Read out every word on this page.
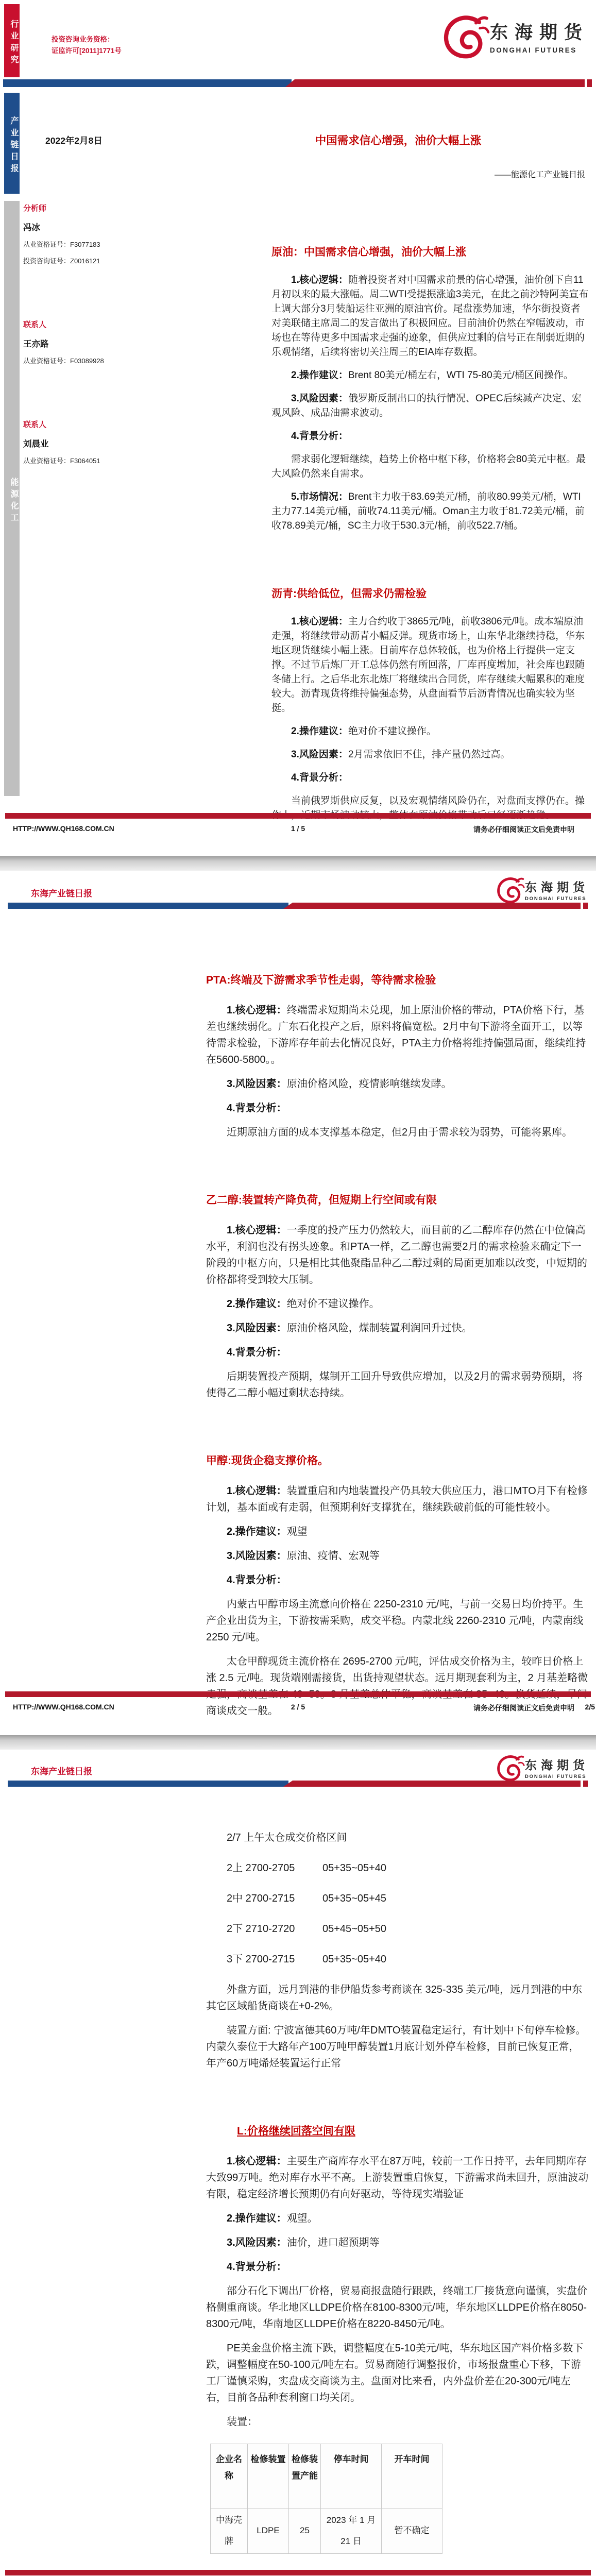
行业研究	投资咨询业务资格：
证监许可[2011]1771号
东海期货
DONGHAI FUTURES
产业链日报	2022年2月8日	中国需求信心增强，油价大幅上涨
——能源化工产业链日报
能源化工
分析师
冯冰
从业资格证号：F3077183
投资咨询证号：Z0016121
联系人
王亦路
从业资格证号：F03089928
联系人
刘晨业
从业资格证号：F3064051
原油：中国需求信心增强，油价大幅上涨

1.核心逻辑：随着投资者对中国需求前景的信心增强，油价创下自11月初以来的最大涨幅。周二WTI受提振涨逾3美元，在此之前沙特阿美宣布上调大部分3月装船运往亚洲的原油官价。尾盘涨势加速，华尔街投资者对美联储主席周二的发言做出了积极回应。目前油价仍然在窄幅波动，市场也在等待更多中国需求走强的迹象，但供应过剩的信号正在削弱近期的乐观情绪，后续将密切关注周三的EIA库存数据。

2.操作建议：Brent 80美元/桶左右，WTI 75-80美元/桶区间操作。

3.风险因素：俄罗斯反制出口的执行情况、OPEC后续减产决定、宏观风险、成品油需求波动。

4.背景分析：

需求弱化逻辑继续，趋势上价格中枢下移，价格将会80美元中枢。最大风险仍然来自需求。

5.市场情况：Brent主力收于83.69美元/桶，前收80.99美元/桶，WTI主力77.14美元/桶，前收74.11美元/桶。Oman主力收于81.72美元/桶，前收78.89美元/桶，SC主力收于530.3元/桶，前收522.7/桶。

沥青:供给低位，但需求仍需检验

1.核心逻辑：主力合约收于3865元/吨，前收3806元/吨。成本端原油走强，将继续带动沥青小幅反弹。现货市场上，山东华北继续持稳，华东地区现货继续小幅上涨。目前库存总体较低，也为价格上行提供一定支撑。不过节后炼厂开工总体仍然有所回落，厂库再度增加，社会库也跟随冬储上行。之后华北东北炼厂将继续出合同货，库存继续大幅累积的难度较大。沥青现货将维持偏强态势，从盘面看节后沥青情况也确实较为坚挺。

2.操作建议：绝对价不建议操作。

3.风险因素：2月需求依旧不佳，排产量仍然过高。

4.背景分析：

当前俄罗斯供应反复，以及宏观情绪风险仍在，对盘面支撑仍在。操

HTTP://WWW.QH168.COM.CN	1 / 5	请务必仔细阅读正文后免责申明
东海产业链日报	东海期货
DONGHAI FUTURES
PTA:终端及下游需求季节性走弱，等待需求检验

1.核心逻辑：终端需求短期尚未兑现，加上原油价格的带动，PTA价格下行，基差也继续弱化。广东石化投产之后，原料将偏宽松。2月中旬下游将全面开工，以等待需求检验，下游库存年前去化情况良好，PTA主力价格将维持偏强局面，继续维持在5600-5800。。

3.风险因素：原油价格风险，疫情影响继续发酵。

4.背景分析：

近期原油方面的成本支撑基本稳定，但2月由于需求较为弱势，可能将累库。

乙二醇:装置转产降负荷，但短期上行空间或有限

1.核心逻辑：一季度的投产压力仍然较大，而目前的乙二醇库存仍然在中位偏高水平，利润也没有拐头迹象。和PTA一样，乙二醇也需要2月的需求检验来确定下一阶段的中枢方向，只是相比其他聚酯品种乙二醇过剩的局面更加难以改变，中短期的价格都将受到较大压制。

2.操作建议：绝对价不建议操作。

3.风险因素：原油价格风险，煤制装置利润回升过快。

4.背景分析：

后期装置投产预期，煤制开工回升导致供应增加，以及2月的需求弱势预期，将使得乙二醇小幅过剩状态持续。

甲醇:现货企稳支撑价格。

1.核心逻辑：装置重启和内地装置投产仍具较大供应压力，港口MTO月下有检修计划，基本面或有走弱，但预期利好支撑犹在，继续跌破前低的可能性较小。

2.操作建议：观望

3.风险因素：原油、疫情、宏观等

4.背景分析：

内蒙古甲醇市场主流意向价格在 2250-2310 元/吨，与前一交易日均价持平。生产企业出货为主，下游按需采购，成交平稳。内蒙北线 2260-2310 元/吨，内蒙南线 2250 元/吨。

太仓甲醇现货主流价格在 2695-2700 元/吨，评估成交价格为主，较昨日价格上涨 2.5 元/吨。现货端刚需接货，出货持观望状态。远月期现套利为主，2 月基差略微 商谈成交一般。

HTTP://WWW.QH168.COM.CN	2 / 5	请务必仔细阅读正文后免责申明 2/5
东海产业链日报	东海期货
DONGHAI FUTURES

2/7 上午太仓成交价格区间

2上 2700-2705	05+35~05+40
2中 2700-2715	05+35~05+45
2下 2710-2720	05+45~05+50
3下 2700-2715	05+35~05+40

外盘方面，远月到港的非伊船货参考商谈在 325-335 美元/吨，远月到港的中东其它区域船货商谈在+0-2%。

装置方面: 宁波富德其60万吨/年DMTO装置稳定运行，有计划中下旬停车检修。内蒙久泰位于大路年产100万吨甲醇装置1月底计划外停车检修，目前已恢复正常，年产60万吨烯烃装置运行正常

L:价格继续回落空间有限

1.核心逻辑：主要生产商库存水平在87万吨，较前一工作日持平，去年同期库存大致99万吨。绝对库存水平不高。上游装置重启恢复，下游需求尚未回升，原油波动有限，稳定经济增长预期仍有向好驱动，等待现实端验证

2.操作建议：观望。

3.风险因素：油价，进口超预期等

4.背景分析：

部分石化下调出厂价格，贸易商报盘随行跟跌，终端工厂接货意向谨慎，实盘价格侧重商谈。华北地区LLDPE价格在8100-8300元/吨，华东地区LLDPE价格在8050-8300元/吨，华南地区LLDPE价格在8220-8450元/吨。

PE美金盘价格主流下跌，调整幅度在5-10美元/吨，华东地区国产料价格多数下跌，调整幅度在50-100元/吨左右。贸易商随行调整报价，市场报盘重心下移，下游工厂谨慎采购，实盘成交商谈为主。盘面对比来看，内外盘价差在20-300元/吨左右，目前各品种套利窗口均关闭。

装置：

企业名称	检修装置	检修装置产能	停车时间	开车时间
中海壳牌	LDPE	25	2023 年 1 月 21 日	暂不确定
